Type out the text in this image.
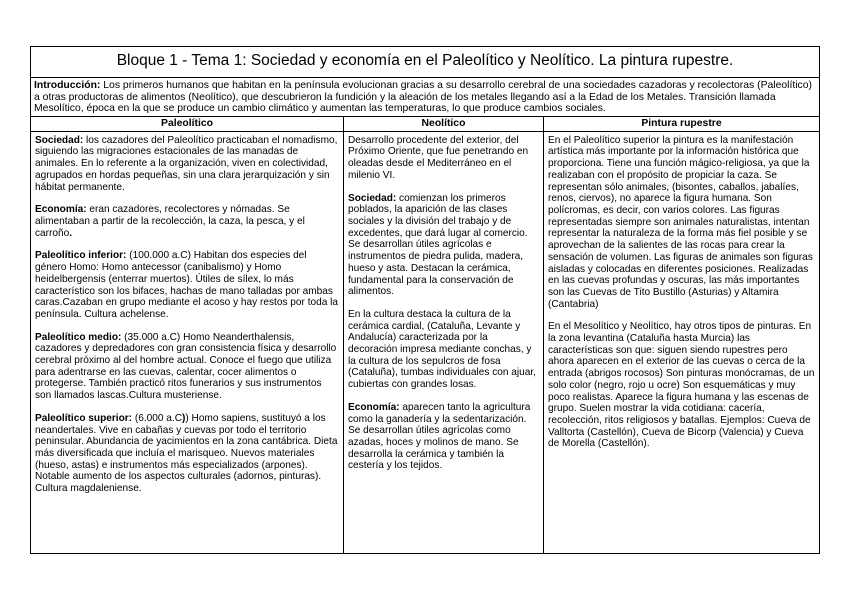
Bloque 1 - Tema 1: Sociedad y economía en el Paleolítico y Neolítico. La pintura rupestre.
Introducción: Los primeros humanos que habitan en la península evolucionan gracias a su desarrollo cerebral de una sociedades cazadoras y recolectoras (Paleolítico) a otras productoras de alimentos (Neolítico), que descubrieron la fundición y la aleación de los metales llegando así a la Edad de los Metales. Transición llamada Mesolítico, época en la que se produce un cambio climático y aumentan las temperaturas, lo que produce cambios sociales.
Paleolítico

Sociedad: los cazadores del Paleolítico practicaban el nomadismo, siguiendo las migraciones estacionales de las manadas de animales. En lo referente a la organización, viven en colectividad, agrupados en hordas pequeñas, sin una clara jerarquización y sin hábitat permanente.

Economía: eran cazadores, recolectores y nómadas. Se alimentaban a partir de la recolección, la caza, la pesca, y el carroño.

Paleolítico inferior: (100.000 a.C) Habitan dos especies del género Homo: Homo antecessor (canibalismo) y Homo heidelbergensis (enterrar muertos). Útiles de sílex, lo más característico son los bifaces, hachas de mano talladas por ambas caras.Cazaban en grupo mediante el acoso y hay restos por toda la península. Cultura achelense.

Paleolítico medio: (35.000 a.C) Homo Neanderthalensis, cazadores y depredadores con gran consistencia física y desarrollo cerebral próximo al del hombre actual. Conoce el fuego que utiliza para adentrarse en las cuevas, calentar, cocer alimentos o protegerse. También practicó ritos funerarios y sus instrumentos son llamados lascas.Cultura musteriense.

Paleolítico superior: (6.000 a.C)) Homo sapiens, sustituyó a los neandertales. Vive en cabañas y cuevas por todo el territorio peninsular. Abundancia de yacimientos en la zona cantábrica. Dieta más diversificada que incluía el marisqueo. Nuevos materiales (hueso, astas) e instrumentos más especializados (arpones). Notable aumento de los aspectos culturales (adornos, pinturas). Cultura magdaleniense.

Neolítico

Desarrollo procedente del exterior, del Próximo Oriente, que fue penetrando en oleadas desde el Mediterráneo en el milenio VI.

Sociedad: comienzan los primeros poblados, la aparición de las clases sociales y la división del trabajo y de excedentes, que dará lugar al comercio. Se desarrollan útiles agrícolas e instrumentos de piedra pulida, madera, hueso y asta. Destacan la cerámica, fundamental para la conservación de alimentos.

En la cultura destaca la cultura de la cerámica cardial, (Cataluña, Levante y Andalucía) caracterizada por la decoración impresa mediante conchas, y la cultura de los sepulcros de fosa (Cataluña), tumbas individuales con ajuar, cubiertas con grandes losas.

Economía: aparecen tanto la agricultura como la ganadería y la sedentarización. Se desarrollan útiles agrícolas como azadas, hoces y molinos de mano. Se desarrolla la cerámica y también la cestería y los tejidos.

Pintura rupestre

En el Paleolítico superior la pintura es la manifestación artística más importante por la información histórica que proporciona. Tiene una función mágico-religiosa, ya que la realizaban con el propósito de propiciar la caza. Se representan sólo animales, (bisontes, caballos, jabalíes, renos, ciervos), no aparece la figura humana. Son polícromas, es decir, con varios colores. Las figuras representadas siempre son animales naturalistas, intentan representar la naturaleza de la forma más fiel posible y se aprovechan de la salientes de las rocas para crear la sensación de volumen. Las figuras de animales son figuras aisladas y colocadas en diferentes posiciones. Realizadas en las cuevas profundas y oscuras, las más importantes son las Cuevas de Tito Bustillo (Asturias) y Altamira (Cantabria)

En el Mesolítico y Neolítico, hay otros tipos de pinturas. En la zona levantina (Cataluña hasta Murcia) las características son que: siguen siendo rupestres pero ahora aparecen en el exterior de las cuevas o cerca de la entrada (abrigos rocosos) Son pinturas monócramas, de un solo color (negro, rojo u ocre) Son esquemáticas y muy poco realistas. Aparece la figura humana y las escenas de grupo. Suelen mostrar la vida cotidiana: cacería, recolección, ritos religiosos y batallas. Ejemplos: Cueva de Valltorta (Castellón), Cueva de Bicorp (Valencia) y Cueva de Morella (Castellón).
